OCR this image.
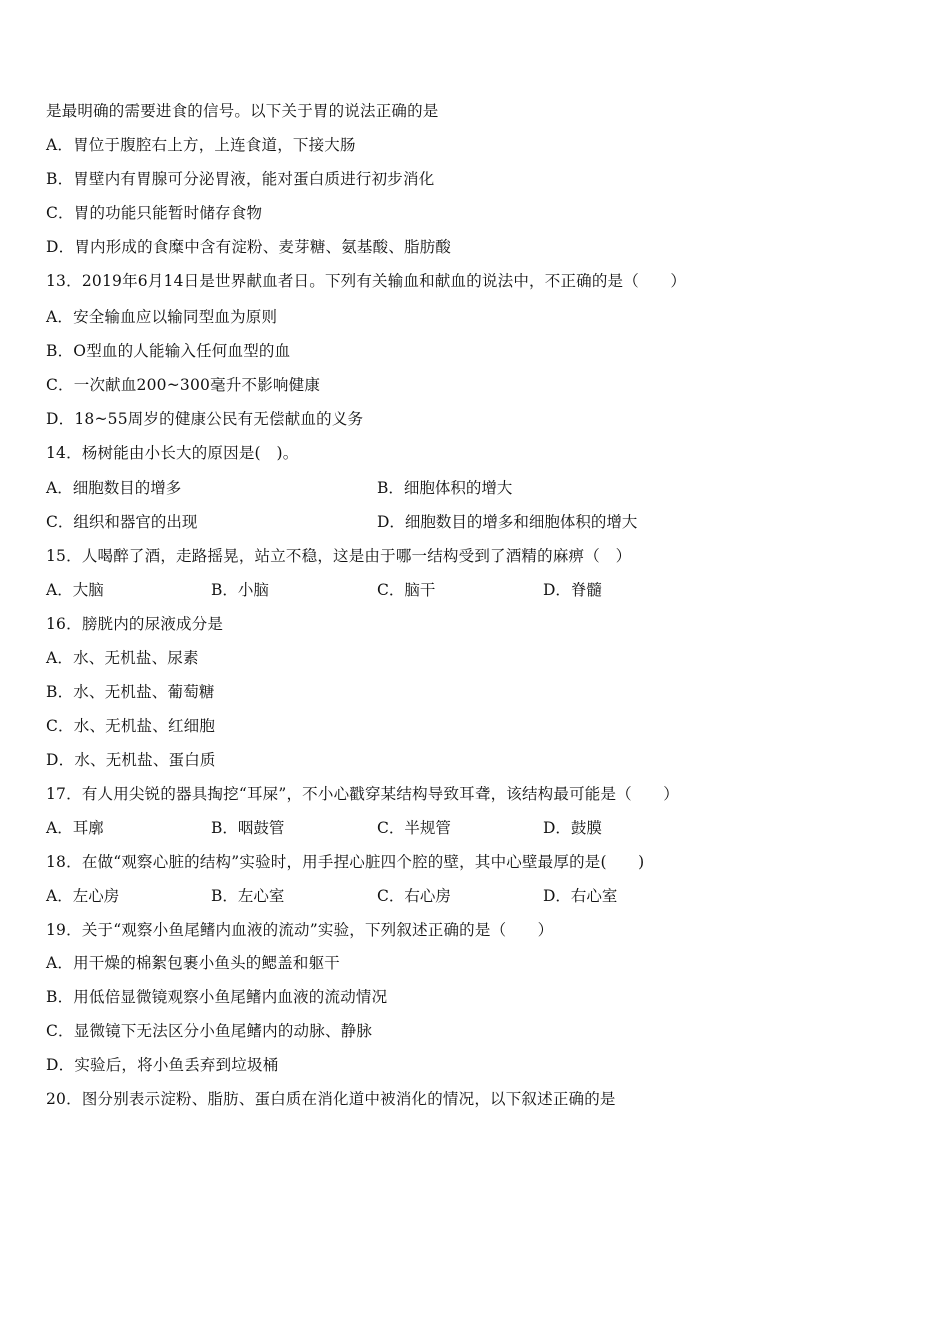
是最明确的需要进食的信号。以下关于胃的说法正确的是
A．胃位于腹腔右上方，上连食道，下接大肠
B．胃壁内有胃腺可分泌胃液，能对蛋白质进行初步消化
C．胃的功能只能暂时储存食物
D．胃内形成的食糜中含有淀粉、麦芽糖、氨基酸、脂肪酸
13．2019年6月14日是世界献血者日。下列有关输血和献血的说法中，不正确的是（　　）
A．安全输血应以输同型血为原则
B．O型血的人能输入任何血型的血
C．一次献血200~300毫升不影响健康
D．18~55周岁的健康公民有无偿献血的义务
14．杨树能由小长大的原因是(　)。
A．细胞数目的增多	B．细胞体积的增大
C．组织和器官的出现	D．细胞数目的增多和细胞体积的增大
15．人喝醉了酒，走路摇晃，站立不稳，这是由于哪一结构受到了酒精的麻痹（　）
A．大脑	B．小脑	C．脑干	D．脊髓
16．膀胱内的尿液成分是
A．水、无机盐、尿素
B．水、无机盐、葡萄糖
C．水、无机盐、红细胞
D．水、无机盐、蛋白质
17．有人用尖锐的器具掏挖“耳屎”，不小心戳穿某结构导致耳聋，该结构最可能是（　　）
A．耳廓	B．咽鼓管	C．半规管	D．鼓膜
18．在做“观察心脏的结构”实验时，用手捏心脏四个腔的壁，其中心壁最厚的是(　　)
A．左心房	B．左心室	C．右心房	D．右心室
19．关于“观察小鱼尾鳍内血液的流动”实验，下列叙述正确的是（　　）
A．用干燥的棉絮包裹小鱼头的鳃盖和躯干
B．用低倍显微镜观察小鱼尾鳍内血液的流动情况
C．显微镜下无法区分小鱼尾鳍内的动脉、静脉
D．实验后，将小鱼丢弃到垃圾桶
20．图分别表示淀粉、脂肪、蛋白质在消化道中被消化的情况，以下叙述正确的是
